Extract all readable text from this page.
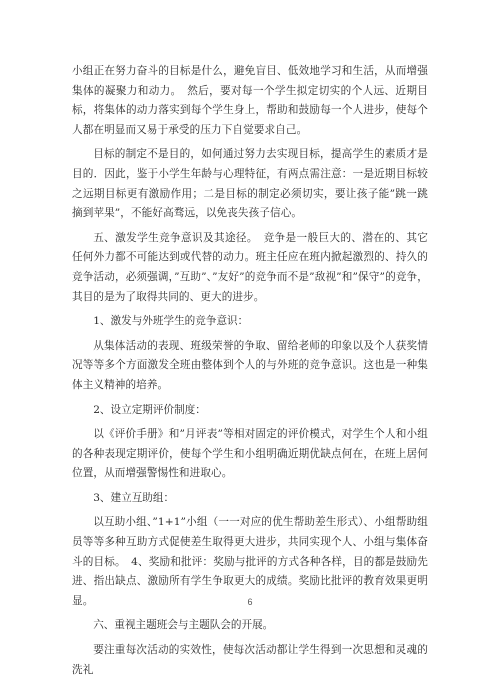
小组正在努力奋斗的目标是什么，避免盲目、低效地学习和生活，从而增强集体的凝聚力和动力。　然后，要对每一个学生拟定切实的个人远、近期目标，将集体的动力落实到每个学生身上，帮助和鼓励每一个人进步，使每个人都在明显而又易于承受的压力下自觉要求自己。

目标的制定不是目的，如何通过努力去实现目标，提高学生的素质才是目的．因此，鉴于小学生年龄与心理特征，有两点需注意：一是近期目标较之远期目标更有激励作用；二是目标的制定必须切实，要让孩子能”跳一跳摘到苹果”，不能好高骛远，以免丧失孩子信心。

五、激发学生竞争意识及其途径。　竞争是一般巨大的、潜在的、其它任何外力都不可能达到或代替的动力。班主任应在班内掀起激烈的、持久的竞争活动，必须强调，”互助”、”友好”的竞争而不是”敌视”和”保守”的竞争，其目的是为了取得共同的、更大的进步。

1、激发与外班学生的竞争意识：

从集体活动的表现、班级荣誉的争取、留给老师的印象以及个人获奖情况等等多个方面激发全班由整体到个人的与外班的竞争意识。这也是一种集体主义精神的培养。

2、设立定期评价制度：

以《评价手册》和”月评表”等相对固定的评价模式，对学生个人和小组的各种表现定期评价，使每个学生和小组明确近期优缺点何在，在班上居何位置，从而增强警惕性和进取心。

3、建立互助组：

以互助小组、”1+1”小组（一一对应的优生帮助差生形式）、小组帮助组员等等多种互助方式促使差生取得更大进步，共同实现个人、小组与集体奋斗的目标。　4、奖励和批评：奖励与批评的方式各种各样，目的都是鼓励先进、指出缺点、激励所有学生争取更大的成绩。奖励比批评的教育效果更明显。

六、重视主题班会与主题队会的开展。

要注重每次活动的实效性，使每次活动都让学生得到一次思想和灵魂的洗礼

6
